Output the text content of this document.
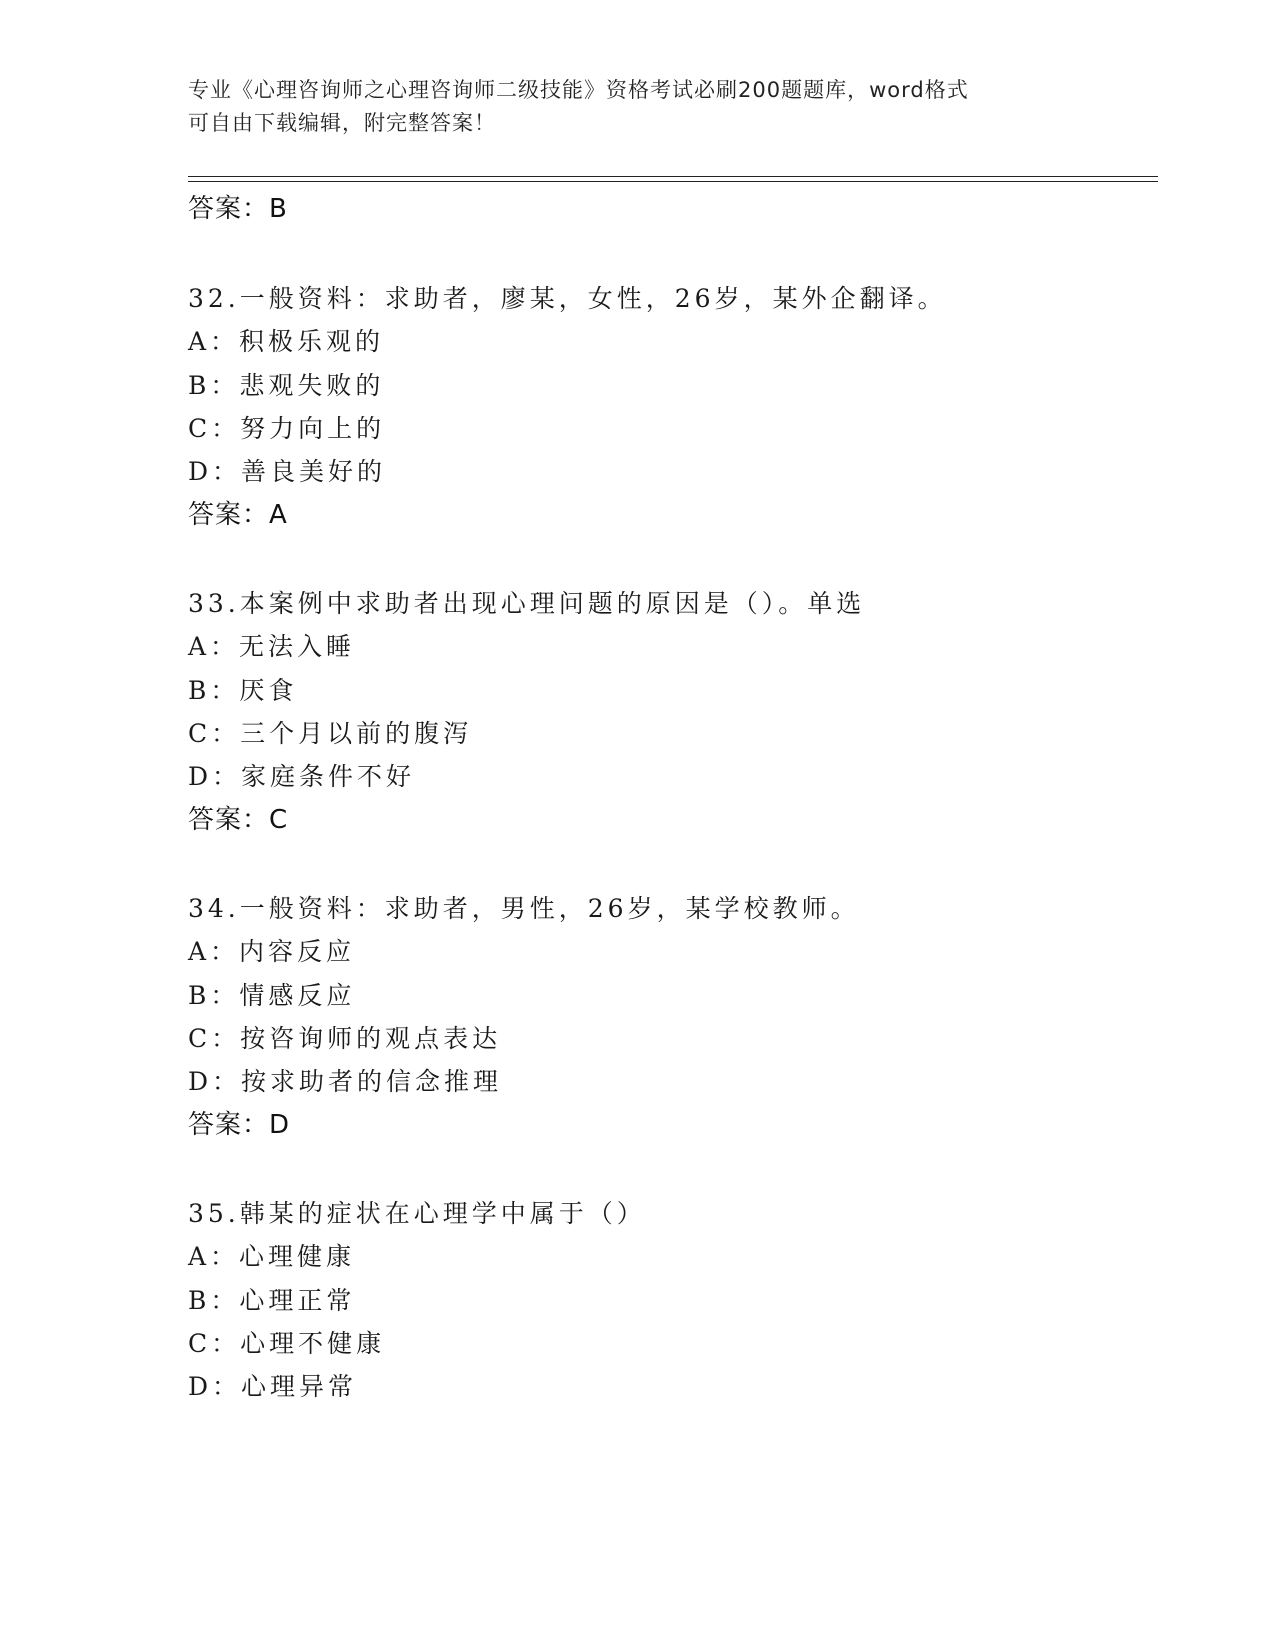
专业《心理咨询师之心理咨询师二级技能》资格考试必刷200题题库，word格式
可自由下载编辑，附完整答案！
答案：B
32.一般资料：求助者，廖某，女性，26岁，某外企翻译。
A：积极乐观的
B：悲观失败的
C：努力向上的
D：善良美好的
答案：A
33.本案例中求助者出现心理问题的原因是（）。单选
A：无法入睡
B：厌食
C：三个月以前的腹泻
D：家庭条件不好
答案：C
34.一般资料：求助者，男性，26岁，某学校教师。
A：内容反应
B：情感反应
C：按咨询师的观点表达
D：按求助者的信念推理
答案：D
35.韩某的症状在心理学中属于（）
A：心理健康
B：心理正常
C：心理不健康
D：心理异常
